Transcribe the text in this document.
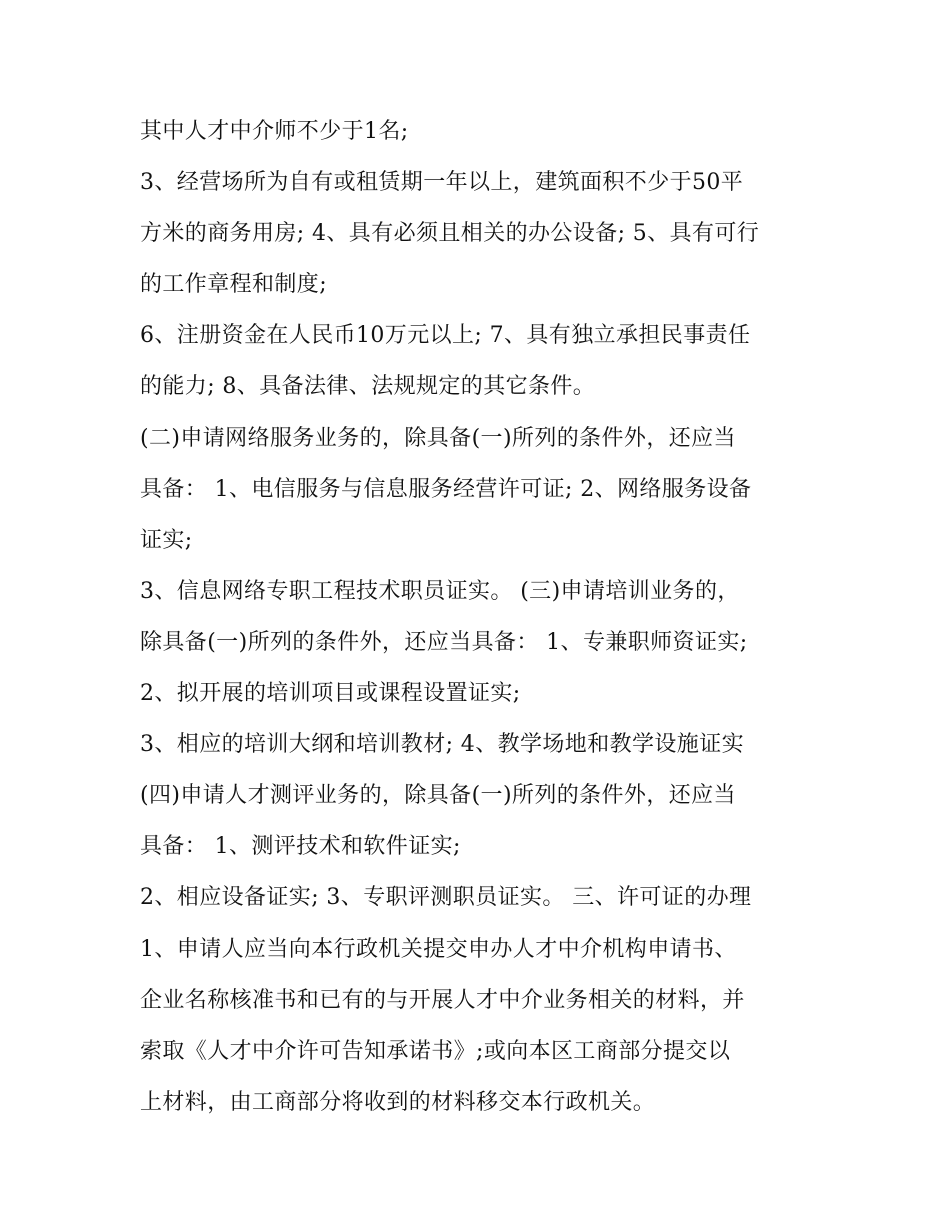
其中人才中介师不少于1名;
3、经营场所为自有或租赁期一年以上，建筑面积不少于50平
方米的商务用房; 4、具有必须且相关的办公设备; 5、具有可行
的工作章程和制度;
6、注册资金在人民币10万元以上; 7、具有独立承担民事责任
的能力; 8、具备法律、法规规定的其它条件。
(二)申请网络服务业务的，除具备(一)所列的条件外，还应当
具备： 1、电信服务与信息服务经营许可证; 2、网络服务设备
证实;
3、信息网络专职工程技术职员证实。 (三)申请培训业务的，
除具备(一)所列的条件外，还应当具备： 1、专兼职师资证实;
2、拟开展的培训项目或课程设置证实;
3、相应的培训大纲和培训教材; 4、教学场地和教学设施证实
(四)申请人才测评业务的，除具备(一)所列的条件外，还应当
具备： 1、测评技术和软件证实;
2、相应设备证实; 3、专职评测职员证实。 三、许可证的办理
1、申请人应当向本行政机关提交申办人才中介机构申请书、
企业名称核准书和已有的与开展人才中介业务相关的材料，并
索取《人才中介许可告知承诺书》;或向本区工商部分提交以
上材料，由工商部分将收到的材料移交本行政机关。
